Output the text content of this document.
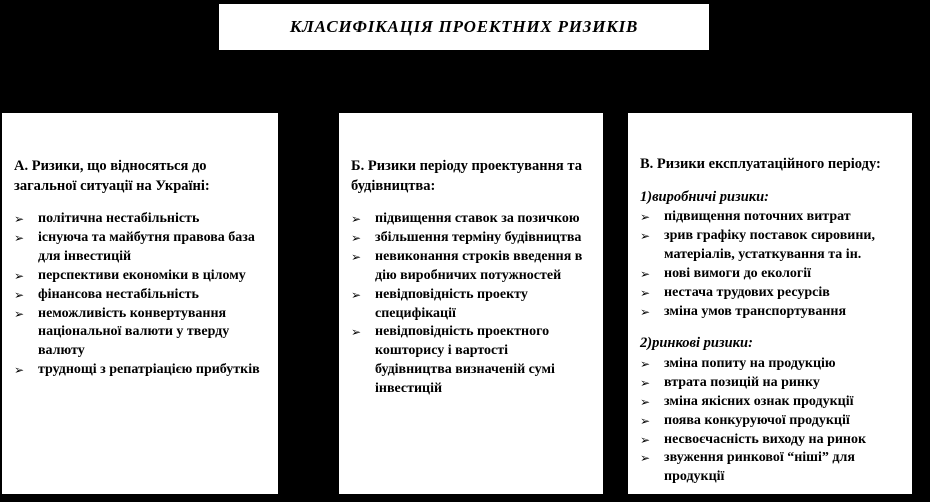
КЛАСИФІКАЦІЯ ПРОЕКТНИХ РИЗИКІВ
А. Ризики, що відносяться до загальної ситуації на Україні:
➢ політична нестабільність
➢ існуюча та майбутня правова база для інвестицій
➢ перспективи економіки в цілому
➢ фінансова нестабільність
➢ неможливість конвертування національної валюти у тверду валюту
➢ труднощі з репатріацією прибутків
Б. Ризики періоду проектування та будівництва:
➢ підвищення ставок за позичкою
➢ збільшення терміну будівництва
➢ невиконання строків введення в дію виробничих потужностей
➢ невідповідність проекту специфікації
➢ невідповідність проектного кошторису і вартості будівництва визначеній сумі інвестицій
В. Ризики експлуатаційного періоду:
1)виробничі ризики:
➢ підвищення поточних витрат
➢ зрив графіку поставок сировини, матеріалів, устаткування та ін.
➢ нові вимоги до екології
➢ нестача трудових ресурсів
➢ зміна умов транспортування
2)ринкові ризики:
➢ зміна попиту на продукцію
➢ втрата позицій на ринку
➢ зміна якісних ознак продукції
➢ поява конкуруючої продукції
➢ несвоєчасність виходу на ринок
➢ звуження ринкової “ніші” для продукції
